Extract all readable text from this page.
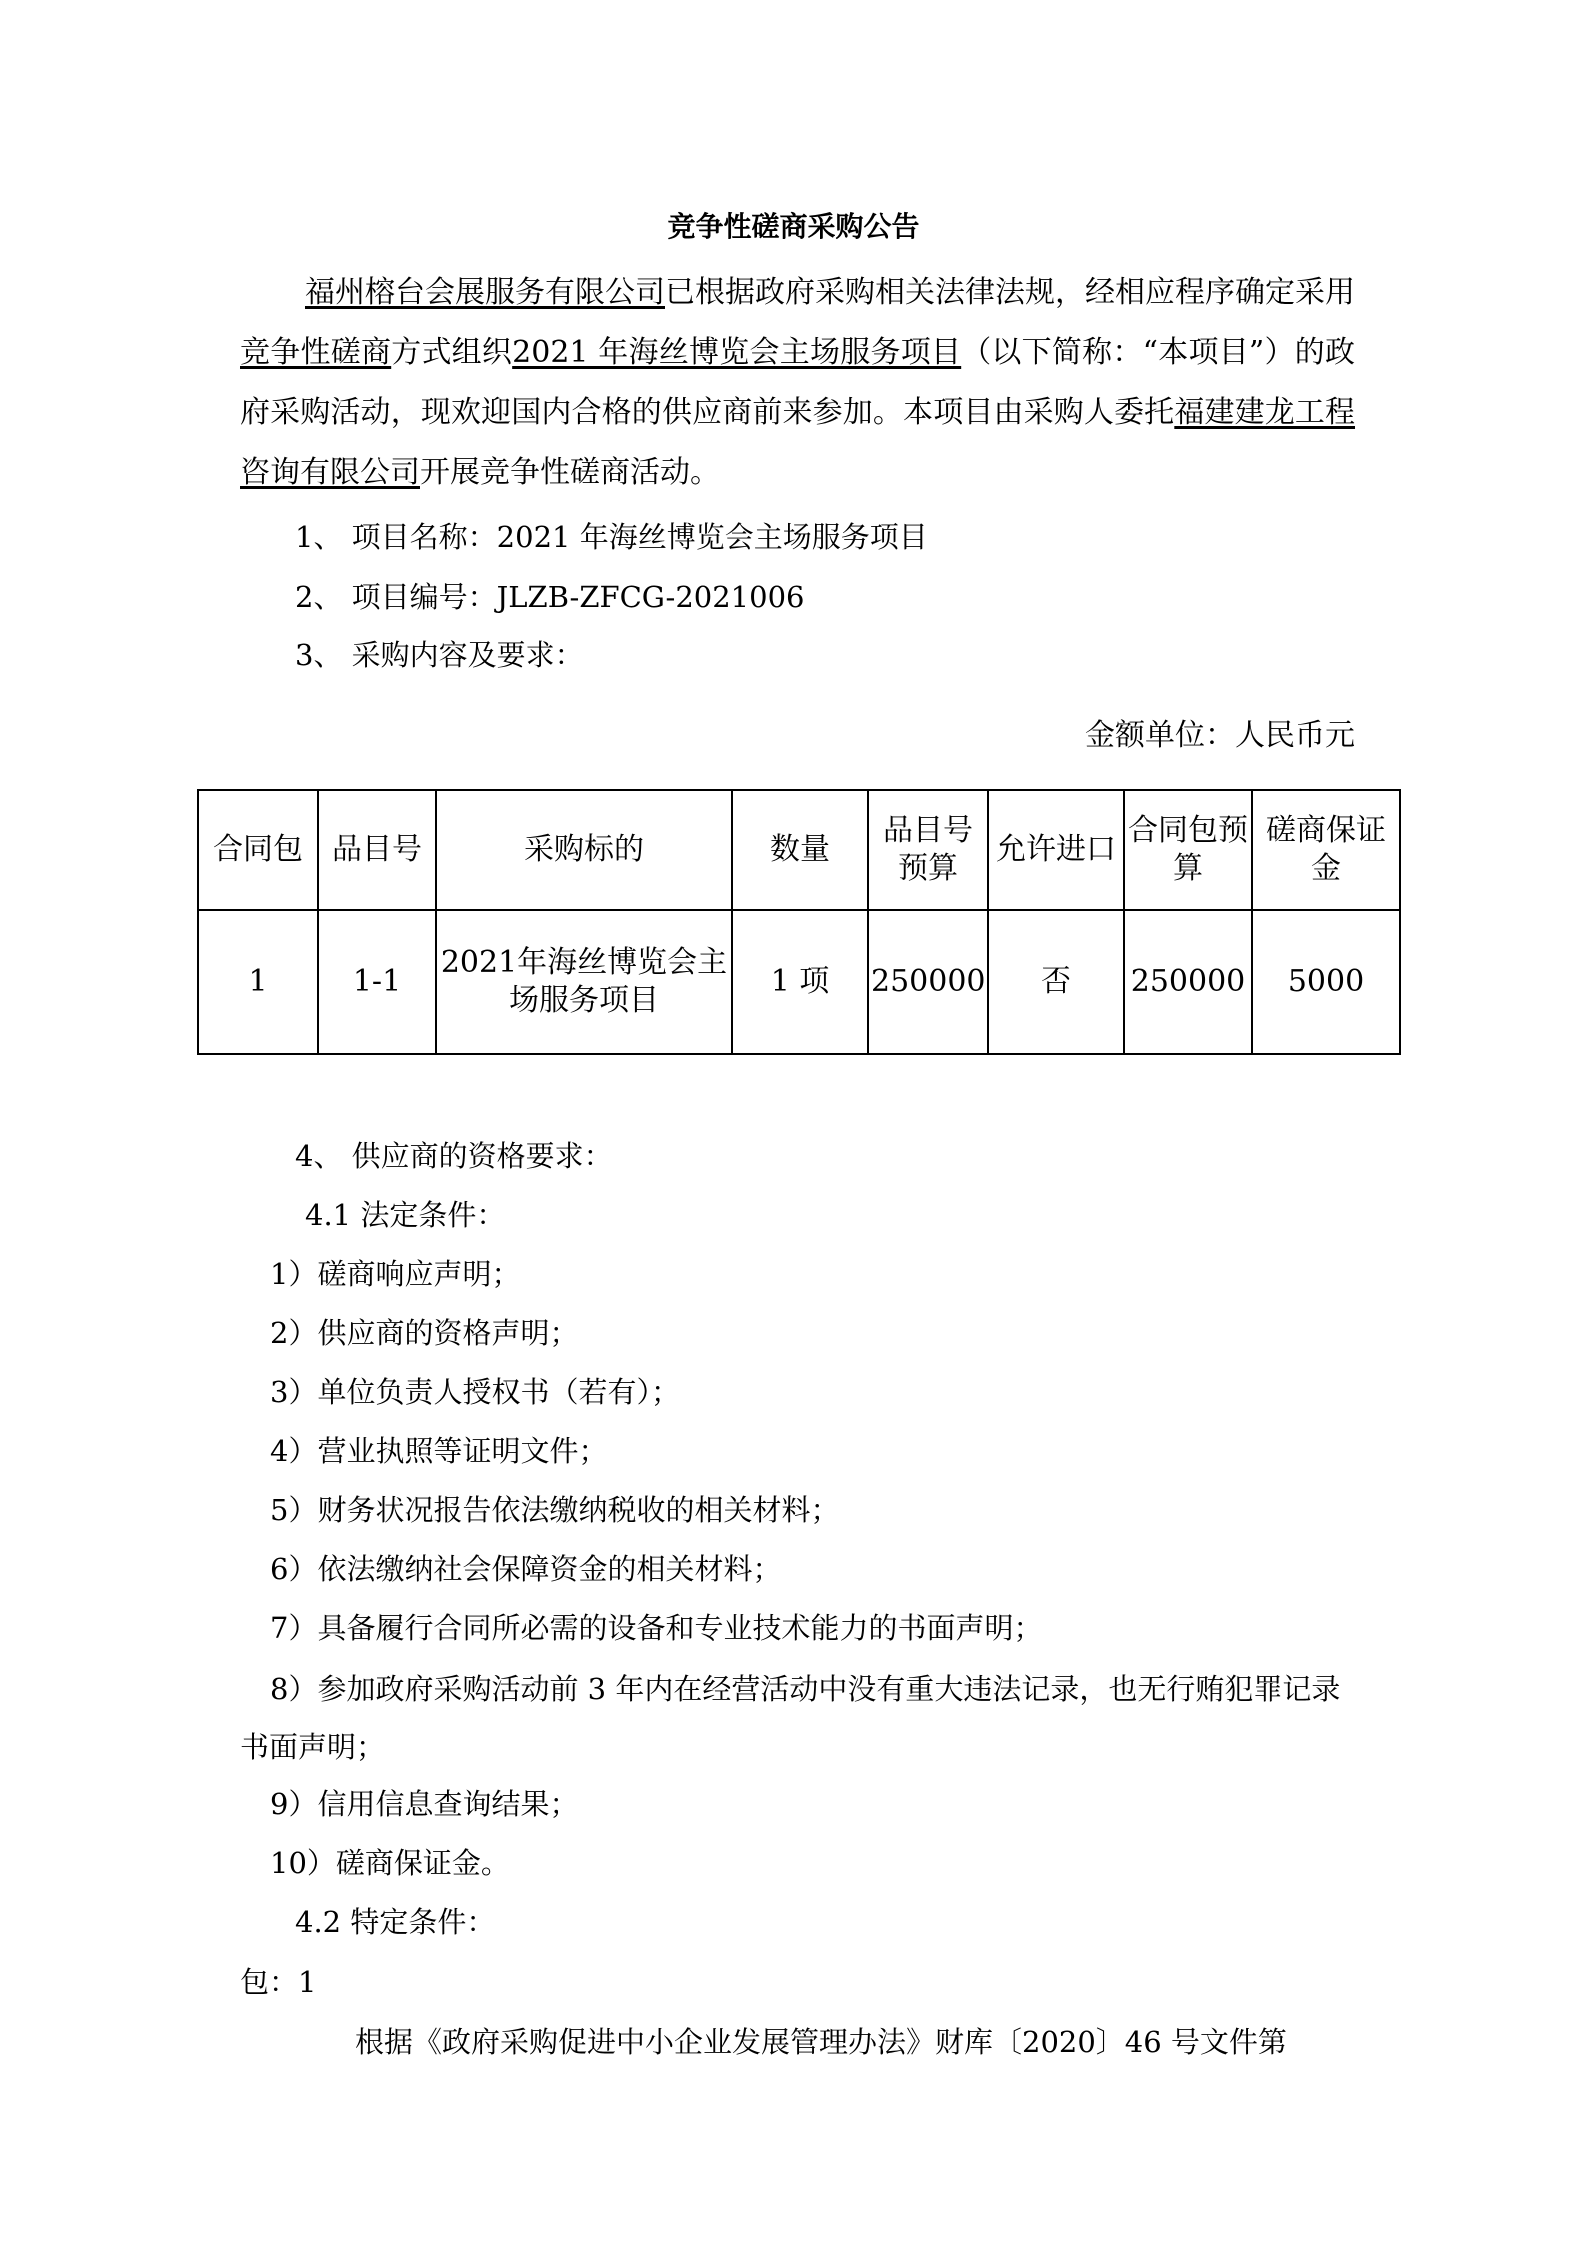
竞争性磋商采购公告
福州榕台会展服务有限公司已根据政府采购相关法律法规，经相应程序确定采用竞争性磋商方式组织2021 年海丝博览会主场服务项目（以下简称：“本项目”）的政府采购活动，现欢迎国内合格的供应商前来参加。本项目由采购人委托福建建龙工程咨询有限公司开展竞争性磋商活动。
1、 项目名称：2021 年海丝博览会主场服务项目
2、 项目编号：JLZB-ZFCG-2021006
3、 采购内容及要求：
金额单位：人民币元
合同包	品目号	采购标的	数量	品目号预算	允许进口	合同包预算	磋商保证金
1	1-1	2021年海丝博览会主场服务项目	1 项	250000	否	250000	5000
4、 供应商的资格要求：
4.1 法定条件：
1）磋商响应声明；
2）供应商的资格声明；
3）单位负责人授权书（若有）；
4）营业执照等证明文件；
5）财务状况报告依法缴纳税收的相关材料；
6）依法缴纳社会保障资金的相关材料；
7）具备履行合同所必需的设备和专业技术能力的书面声明；
8）参加政府采购活动前 3 年内在经营活动中没有重大违法记录，也无行贿犯罪记录书面声明；
9）信用信息查询结果；
10）磋商保证金。
4.2 特定条件：
包：1
根据《政府采购促进中小企业发展管理办法》财库〔2020〕46 号文件第
